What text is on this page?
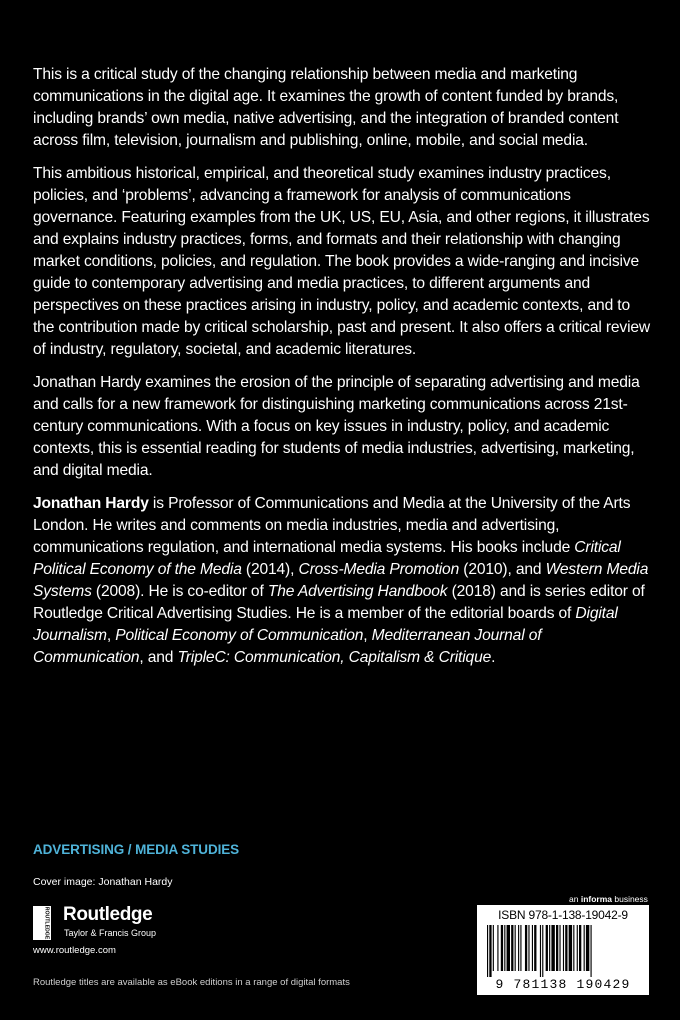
This is a critical study of the changing relationship between media and marketing communications in the digital age. It examines the growth of content funded by brands, including brands’ own media, native advertising, and the integration of branded content across film, television, journalism and publishing, online, mobile, and social media.

This ambitious historical, empirical, and theoretical study examines industry practices, policies, and ‘problems’, advancing a framework for analysis of communications governance. Featuring examples from the UK, US, EU, Asia, and other regions, it illustrates and explains industry practices, forms, and formats and their relationship with changing market conditions, policies, and regulation. The book provides a wide-ranging and incisive guide to contemporary advertising and media practices, to different arguments and perspectives on these practices arising in industry, policy, and academic contexts, and to the contribution made by critical scholarship, past and present. It also offers a critical review of industry, regulatory, societal, and academic literatures.

Jonathan Hardy examines the erosion of the principle of separating advertising and media and calls for a new framework for distinguishing marketing communications across 21st-century communications. With a focus on key issues in industry, policy, and academic contexts, this is essential reading for students of media industries, advertising, marketing, and digital media.

Jonathan Hardy is Professor of Communications and Media at the University of the Arts London. He writes and comments on media industries, media and advertising, communications regulation, and international media systems. His books include Critical Political Economy of the Media (2014), Cross-Media Promotion (2010), and Western Media Systems (2008). He is co-editor of The Advertising Handbook (2018) and is series editor of Routledge Critical Advertising Studies. He is a member of the editorial boards of Digital Journalism, Political Economy of Communication, Mediterranean Journal of Communication, and TripleC: Communication, Capitalism & Critique.

ADVERTISING / MEDIA STUDIES
Cover image: Jonathan Hardy
ROUTLEDGE Routledge
Taylor & Francis Group
www.routledge.com
an informa business
ISBN 978-1-138-19042-9
9 781138 190429
Routledge titles are available as eBook editions in a range of digital formats
